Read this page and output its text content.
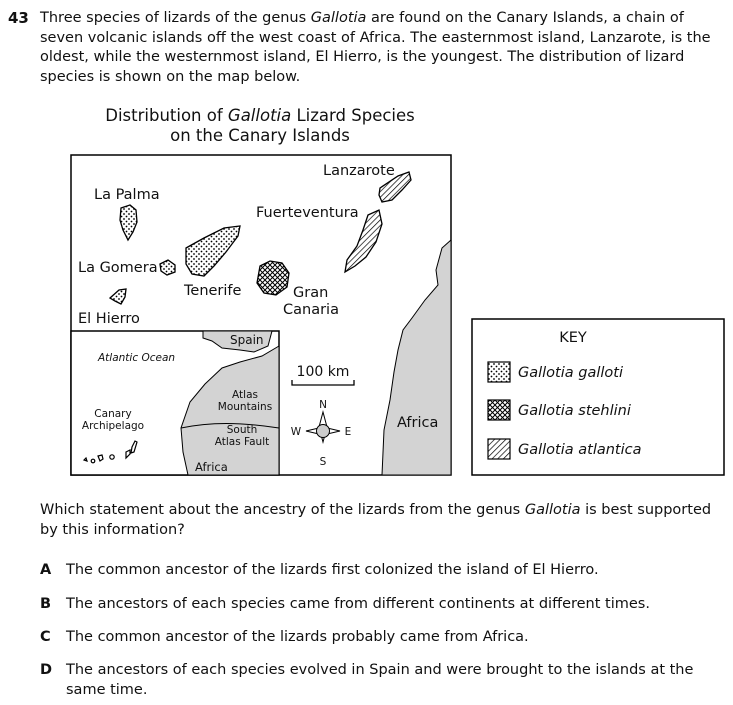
43 Three species of lizards of the genus Gallotia are found on the Canary Islands, a chain of seven volcanic islands off the west coast of Africa. The easternmost island, Lanzarote, is the oldest, while the westernmost island, El Hierro, is the youngest. The distribution of lizard species is shown on the map below.
Distribution of Gallotia Lizard Species
on the Canary Islands
Lanzarote
La Palma
Fuerteventura
La Gomera
Tenerife	Gran
Canaria
El Hierro
Atlantic Ocean
Spain
Atlas
Mountains
Canary
Archipelago	South
Atlas Fault
Africa
100 km
N
S
E
W
Africa
KEY
Gallotia galloti
Gallotia stehlini
Gallotia atlantica
Which statement about the ancestry of the lizards from the genus Gallotia is best supported by this information?
A The common ancestor of the lizards first colonized the island of El Hierro.
B The ancestors of each species came from different continents at different times.
C The common ancestor of the lizards probably came from Africa.
D The ancestors of each species evolved in Spain and were brought to the islands at the same time.
